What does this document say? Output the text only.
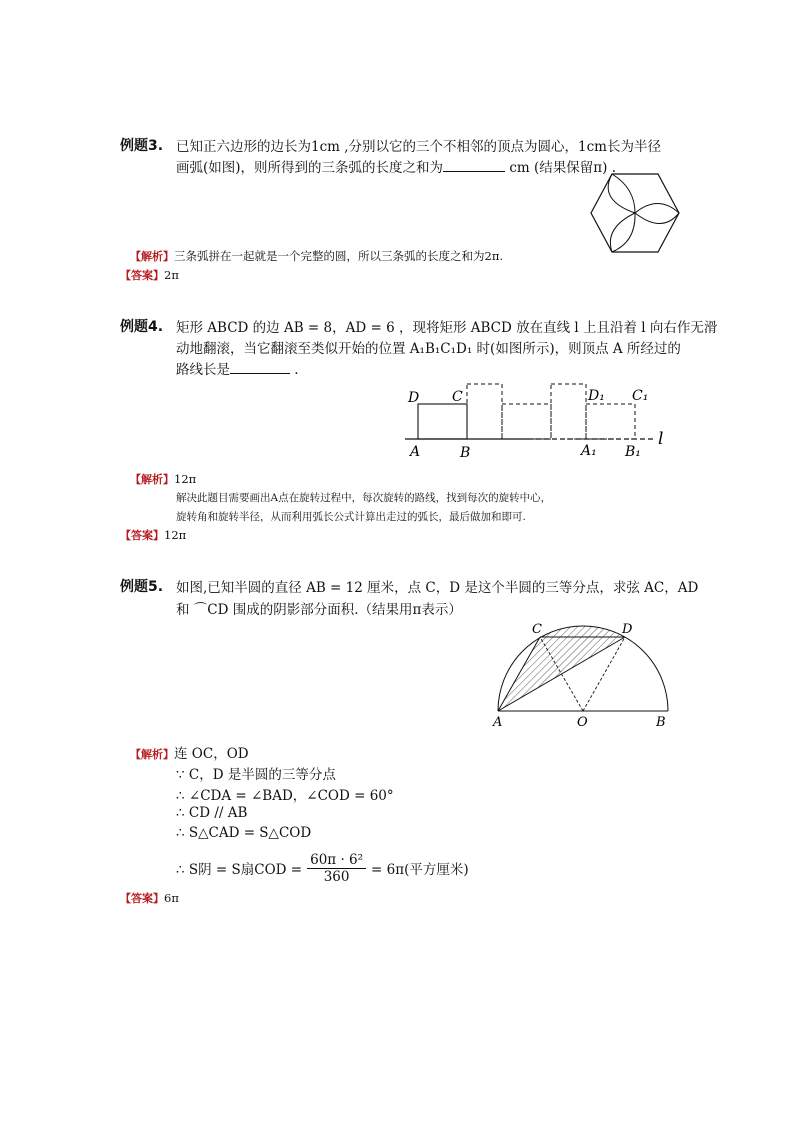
例题3. 已知正六边形的边长为1cm ,分别以它的三个不相邻的顶点为圆心，1cm长为半径
画弧(如图)，则所得到的三条弧的长度之和为	cm (结果保留π) .
【解析】三条弧拼在一起就是一个完整的圆，所以三条弧的长度之和为2π.
【答案】2π
例题4. 矩形 ABCD 的边 AB = 8，AD = 6 ，现将矩形 ABCD 放在直线 l 上且沿着 l 向右作无滑
动地翻滚，当它翻滚至类似开始的位置 A₁B₁C₁D₁ 时(如图所示)，则顶点 A 所经过的
路线长是	.
D C
A	B
D₁ C₁
A₁ B₁
l
【解析】12π
解决此题目需要画出A点在旋转过程中，每次旋转的路线，找到每次的旋转中心，
旋转角和旋转半径，从而利用弧长公式计算出走过的弧长，最后做加和即可.
【答案】12π
例题5. 如图,已知半圆的直径 AB = 12 厘米，点 C，D 是这个半圆的三等分点，求弦 AC，AD
和 ⌒CD 围成的阴影部分面积.（结果用π表示）
A	O	B
C	D
【解析】连 OC，OD
∵ C，D 是半圆的三等分点
∴ ∠CDA = ∠BAD，∠COD = 60°
∴ CD // AB
∴ S△CAD = S△COD
∴ S阴 = S扇COD = $\frac{\text{60π · 6²}}{360} = 6\pi$(平方厘米)
【答案】6π
